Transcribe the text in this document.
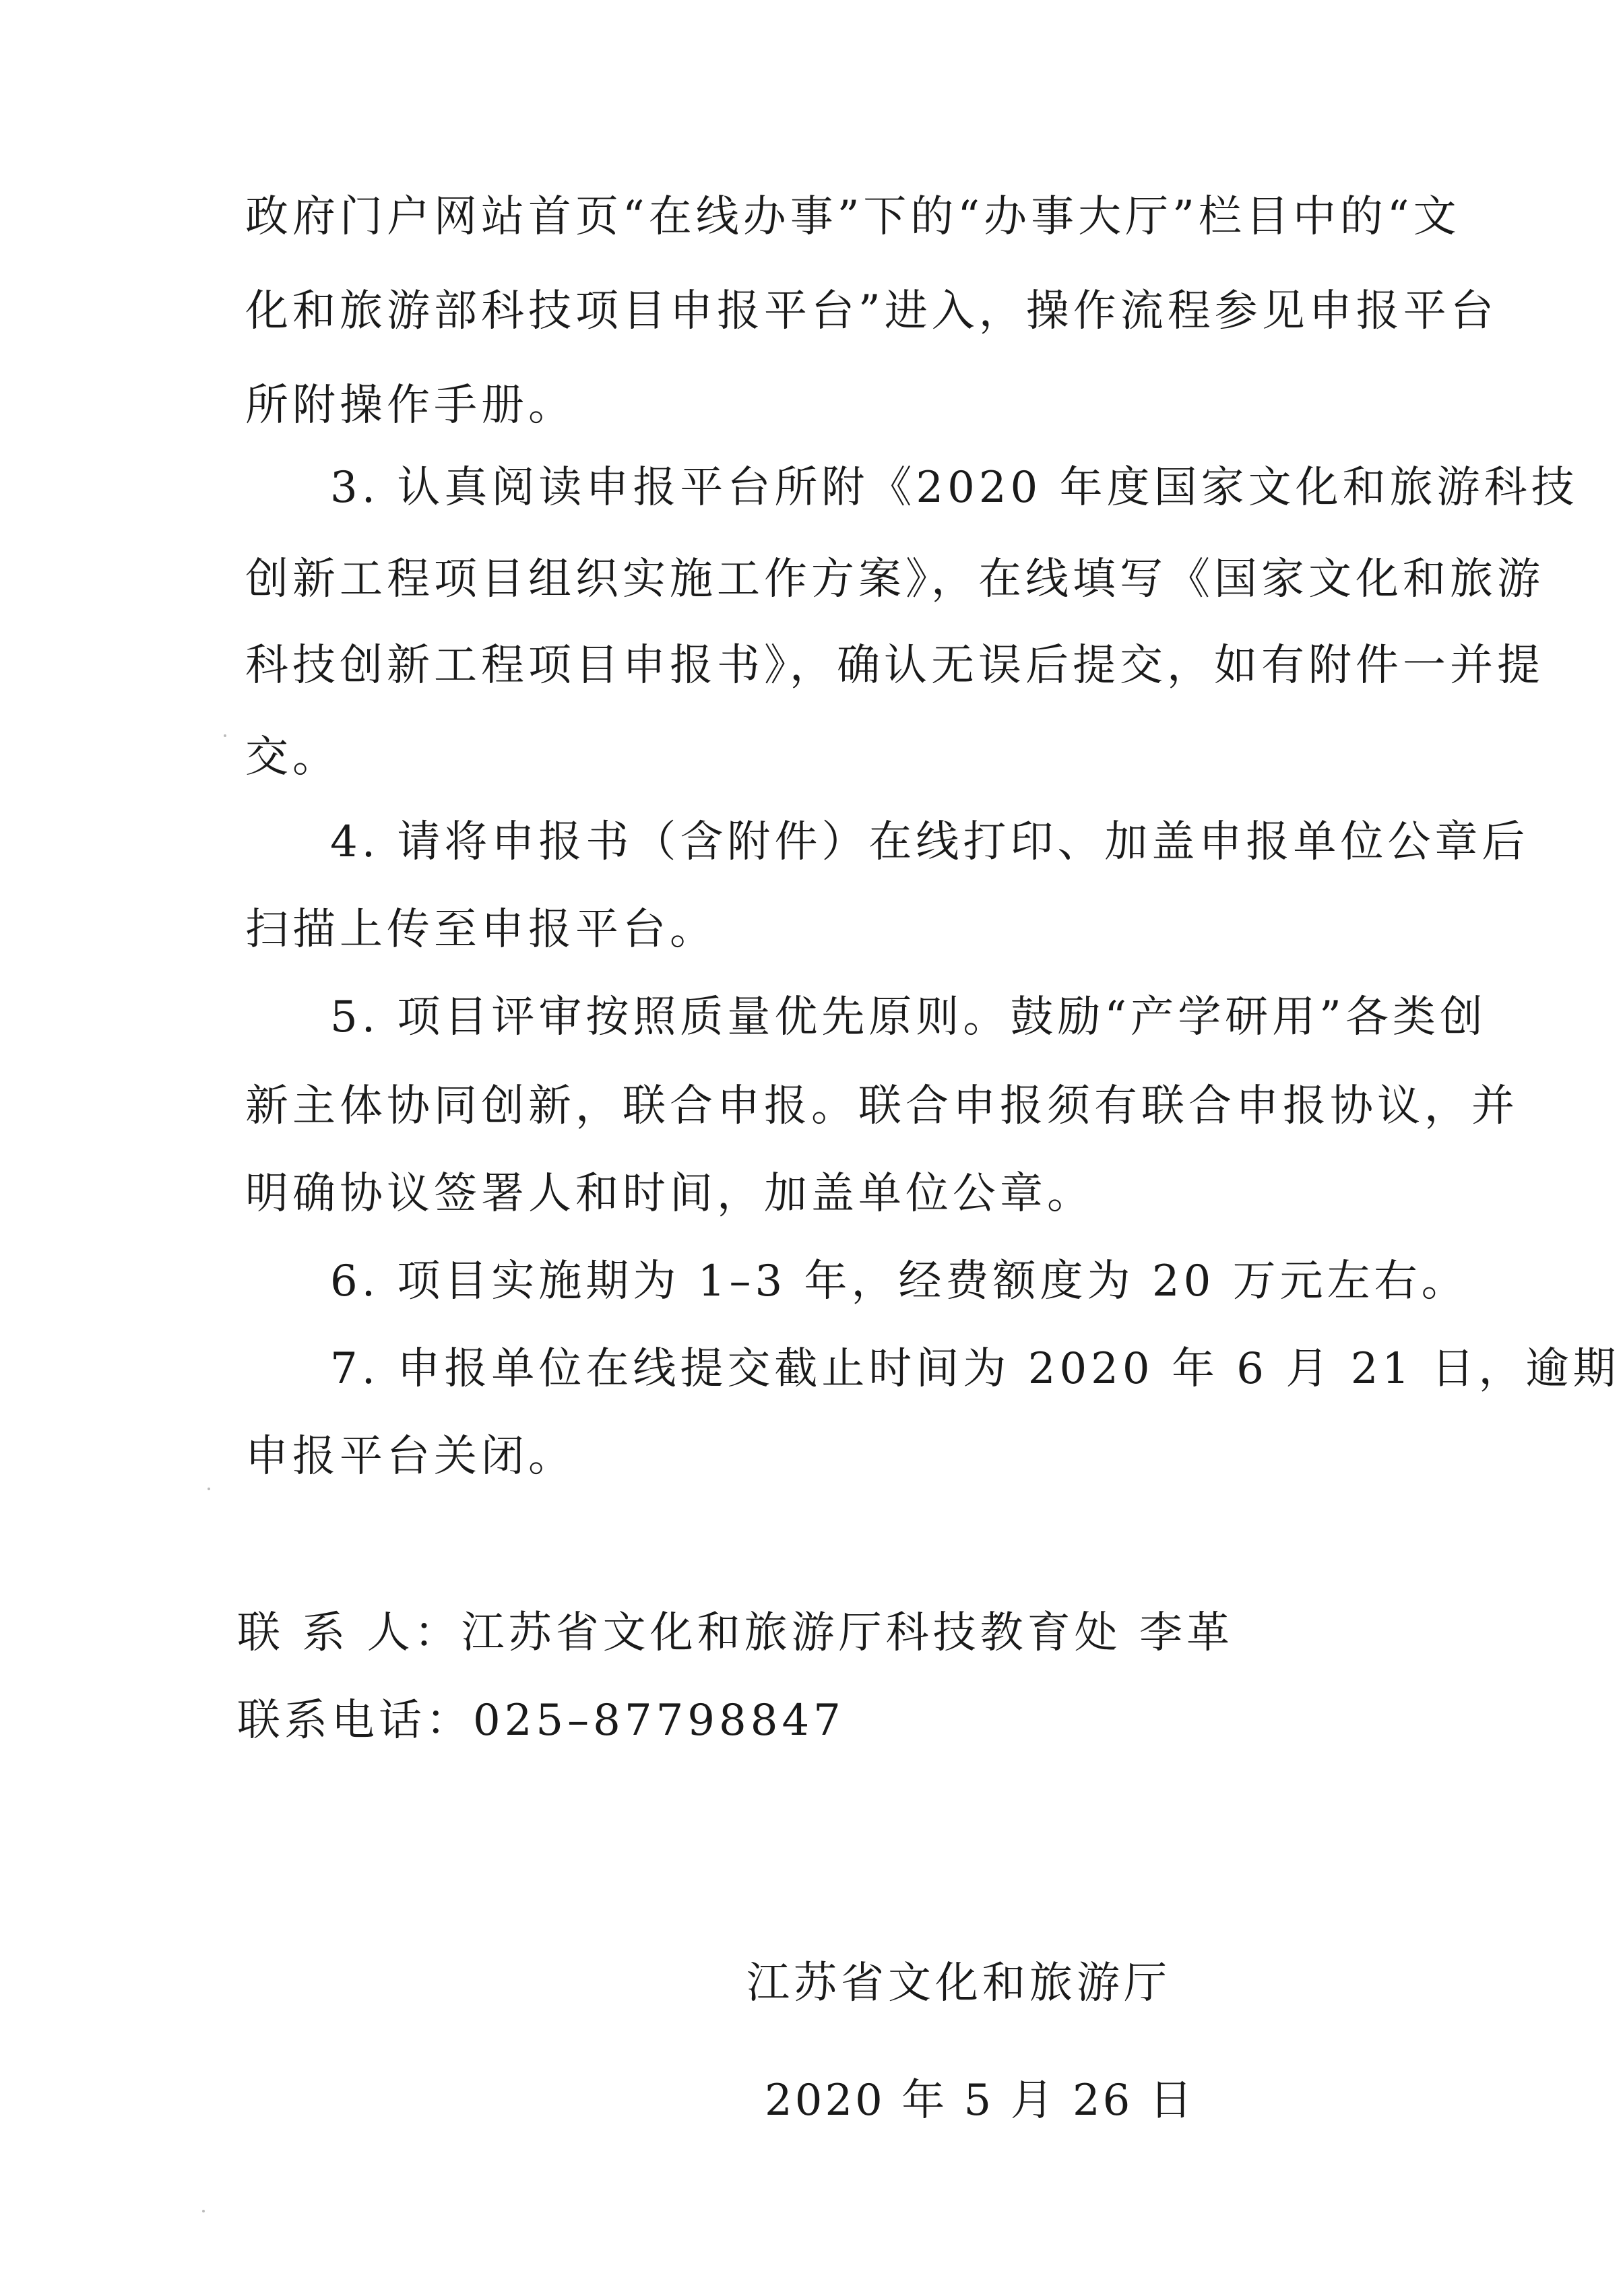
政府门户网站首页“在线办事”下的“办事大厅”栏目中的“文
化和旅游部科技项目申报平台”进入，操作流程参见申报平台
所附操作手册。
3. 认真阅读申报平台所附《2020 年度国家文化和旅游科技
创新工程项目组织实施工作方案》，在线填写《国家文化和旅游
科技创新工程项目申报书》，确认无误后提交，如有附件一并提
交。
4. 请将申报书（含附件）在线打印、加盖申报单位公章后
扫描上传至申报平台。
5. 项目评审按照质量优先原则。鼓励“产学研用”各类创
新主体协同创新，联合申报。联合申报须有联合申报协议，并
明确协议签署人和时间，加盖单位公章。
6. 项目实施期为 1–3 年，经费额度为 20 万元左右。
7. 申报单位在线提交截止时间为 2020 年 6 月 21 日，逾期
申报平台关闭。
联 系 人：江苏省文化和旅游厅科技教育处 李革
联系电话：025–87798847
江苏省文化和旅游厅
2020 年 5 月 26 日
